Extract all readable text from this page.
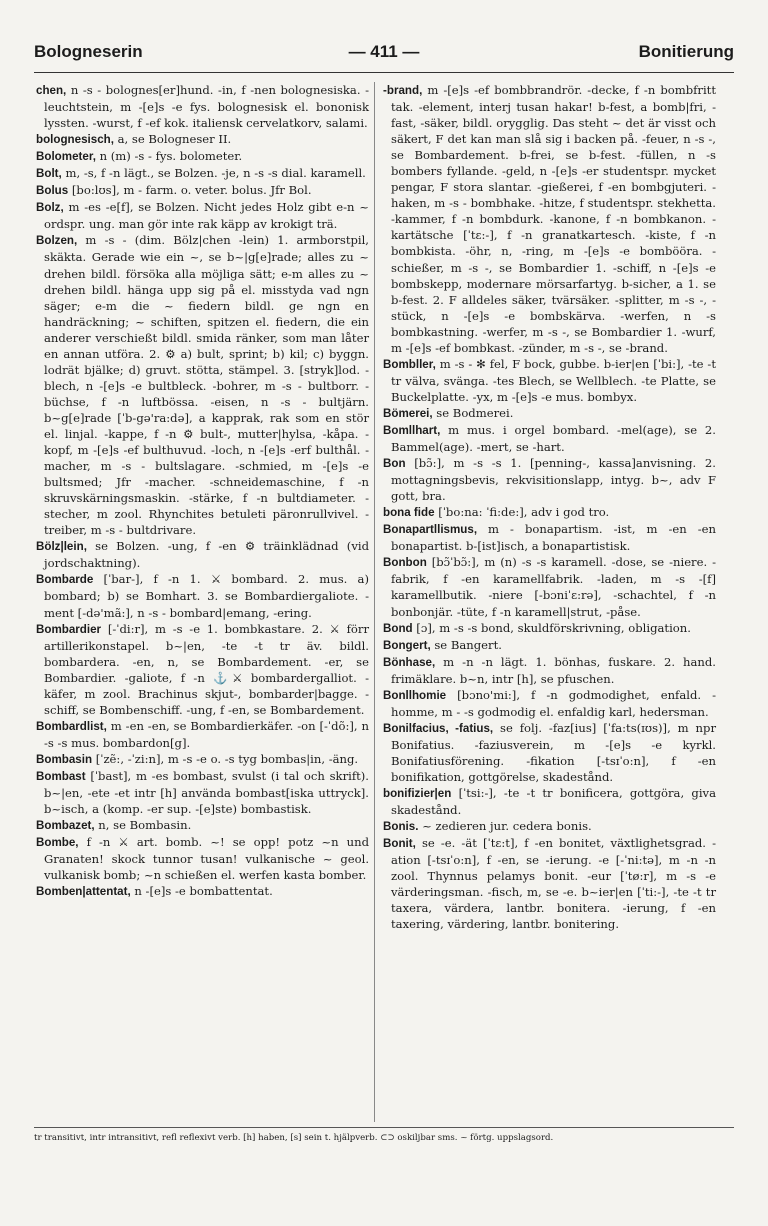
Bologneserin	— 411 —	Bonitierung

chen, n -s - bolognes[er]hund. -in, f -nen bolognesiska. -leuchtstein, m -[e]s -e fys. bolognesisk el. bononisk lyssten. -wurst, f -ef kok. italiensk cervelatkorv, salami.

bolognesisch, a, se Bologneser II.

Bolometer, n (m) -s - fys. bolometer.

Bolt, m, -s, f -n lägt., se Bolzen. -je, n -s -s dial. karamell.

Bolus [bo:lʊs], m - farm. o. veter. bolus. Jfr Bol.

Bolz, m -es -e[f], se Bolzen. Nicht jedes Holz gibt e-n ~ ordspr. ung. man gör inte rak käpp av krokigt trä.

Bolzen, m -s - (dim. Bölz|chen -lein) 1. armborstpil, skäkta. Gerade wie ein ~, se b~|g[e]rade; alles zu ~ drehen bildl. försöka alla möjliga sätt; e-m alles zu ~ drehen bildl. hänga upp sig på el. misstyda vad ngn säger; e-m die ~ fiedern bildl. ge ngn en handräckning; ~ schiften, spitzen el. fiedern, die ein anderer verschießt bildl. smida ränker, som man låter en annan utföra. 2. ⚙ a) bult, sprint; b) kil; c) byggn. lodrät bjälke; d) gruvt. stötta, stämpel. 3. [stryk]lod. -blech, n -[e]s -e bultbleck. -bohrer, m -s - bultborr. -büchse, f -n luftbössa. -eisen, n -s - bultjärn. b~g[e]rade [ˈb-gə'ra:də], a kapprak, rak som en stör el. linjal. -kappe, f -n ⚙ bult-, mutter|hylsa, -kåpa. -kopf, m -[e]s -ef bulthuvud. -loch, n -[e]s -erf bulthål. -macher, m -s - bultslagare. -schmied, m -[e]s -e bultsmed; Jfr -macher. -schneidemaschine, f -n skruvskärningsmaskin. -stärke, f -n bultdiameter. -stecher, m zool. Rhynchites betuleti päronrullvivel. -treiber, m -s - bultdrivare.

Bölz|lein, se Bolzen. -ung, f -en ⚙ träinklädnad (vid jordschaktning).

Bombarde [ˈbar-], f -n 1. ⚔ bombard. 2. mus. a) bombard; b) se Bomhart. 3. se Bombardiergaliote. -ment [-də'mã:], n -s - bombard|emang, -ering.

Bombardier [-ˈdi:r], m -s -e 1. bombkastare. 2. ⚔ förr artillerikonstapel. b~|en, -te -t tr äv. bildl. bombardera. -en, n, se Bombardement. -er, se Bombardier. -galiote, f -n ⚓⚔ bombardergalliot. -käfer, m zool. Brachinus skjut-, bombarder|bagge. -schiff, se Bombenschiff. -ung, f -en, se Bombardement.

Bombardlist, m -en -en, se Bombardierkäfer. -on [-ˈdõ:], n -s -s mus. bombardon[g].

Bombasin [ˈzẽ:, -ˈzi:n], m -s -e o. -s tyg bombas|in, -äng.

Bombast [ˈbast], m -es bombast, svulst (i tal och skrift). b~|en, -ete -et intr [h] använda bombast[iska uttryck]. b~isch, a (komp. -er sup. -[e]ste) bombastisk.

Bombazet, n, se Bombasin.

Bombe, f -n ⚔ art. bomb. ~! se opp! potz ~n und Granaten! skock tunnor tusan! vulkanische ~ geol. vulkanisk bomb; ~n schießen el. werfen kasta bomber.

Bomben|attentat, n -[e]s -e bombattentat.

-brand, m -[e]s -ef bombbrandrör. -decke, f -n bombfritt tak. -element, interj tusan hakar! b-fest, a bomb|fri, -fast, -säker, bildl. orygglig. Das steht ~ det är visst och säkert, F det kan man slå sig i backen på. -feuer, n -s -, se Bombardement. b-frei, se b-fest. -füllen, n -s bombers fyllande. -geld, n -[e]s -er studentspr. mycket pengar, F stora slantar. -gießerei, f -en bombgjuteri. -haken, m -s - bombhake. -hitze, f studentspr. stekhetta. -kammer, f -n bombdurk. -kanone, f -n bombkanon. -kartätsche [ˈtɛ:-], f -n granatkartesch. -kiste, f -n bombkista. -öhr, n, -ring, m -[e]s -e bombööra. -schießer, m -s -, se Bombardier 1. -schiff, n -[e]s -e bombskepp, modernare mörsarfartyg. b-sicher, a 1. se b-fest. 2. F alldeles säker, tvärsäker. -splitter, m -s -, -stück, n -[e]s -e bombskärva. -werfen, n -s bombkastning. -werfer, m -s -, se Bombardier 1. -wurf, m -[e]s -ef bombkast. -zünder, m -s -, se -brand.

Bombller, m -s - ✻ fel, F bock, gubbe. b-ier|en [ˈbi:], -te -t tr välva, svänga. -tes Blech, se Wellblech. -te Platte, se Buckelplatte. -yx, m -[e]s -e mus. bombyx.

Bömerei, se Bodmerei.

Bomllhart, m mus. i orgel bombard. -mel(age), se 2. Bammel(age). -mert, se -hart.

Bon [bɔ̃:], m -s -s 1. [penning-, kassa]anvisning. 2. mottagningsbevis, rekvisitionslapp, intyg. b~, adv F gott, bra.

bona fide [ˈbo:na: ˈfi:de:], adv i god tro.

Bonapartllismus, m - bonapartism. -ist, m -en -en bonapartist. b-[ist]isch, a bonapartistisk.

Bonbon [bɔ̃ˈbɔ̃:], m (n) -s -s karamell. -dose, se -niere. -fabrik, f -en karamellfabrik. -laden, m -s -[f] karamellbutik. -niere [-bɔniˈɛ:rə], -schachtel, f -n bonbonjär. -tüte, f -n karamell|strut, -påse.

Bond [ɔ], m -s -s bond, skuldförskrivning, obligation.

Bongert, se Bangert.

Bönhase, m -n -n lägt. 1. bönhas, fuskare. 2. hand. frimäklare. b~n, intr [h], se pfuschen.

Bonllhomie [bɔno'mi:], f -n godmodighet, enfald. -homme, m - -s godmodig el. enfaldig karl, hedersman.

Bonilfacius, -fatius, se folj. -faz[ius] [ˈfa:ts(ɪʊs)], m npr Bonifatius. -faziusverein, m -[e]s -e kyrkl. Bonifatiusförening. -fikation [-tsɪˈo:n], f -en bonifikation, gottgörelse, skadestånd.

bonifizier|en [ˈtsi:-], -te -t tr bonificera, gottgöra, giva skadestånd.

Bonis. ~ zedieren jur. cedera bonis.

Bonit, se -e. -ät [ˈtɛ:t], f -en bonitet, växtlighetsgrad. -ation [-tsɪˈo:n], f -en, se -ierung. -e [-ˈni:tə], m -n -n zool. Thynnus pelamys bonit. -eur [ˈtø:r], m -s -e värderingsman. -fisch, m, se -e. b~ier|en [ˈti:-], -te -t tr taxera, värdera, lantbr. bonitera. -ierung, f -en taxering, värdering, lantbr. bonitering.

tr transitivt, intr intransitivt, refl reflexivt verb. [h] haben, [s] sein t. hjälpverb. ⊂⊃ oskiljbar sms. ~ förtg. uppslagsord.
